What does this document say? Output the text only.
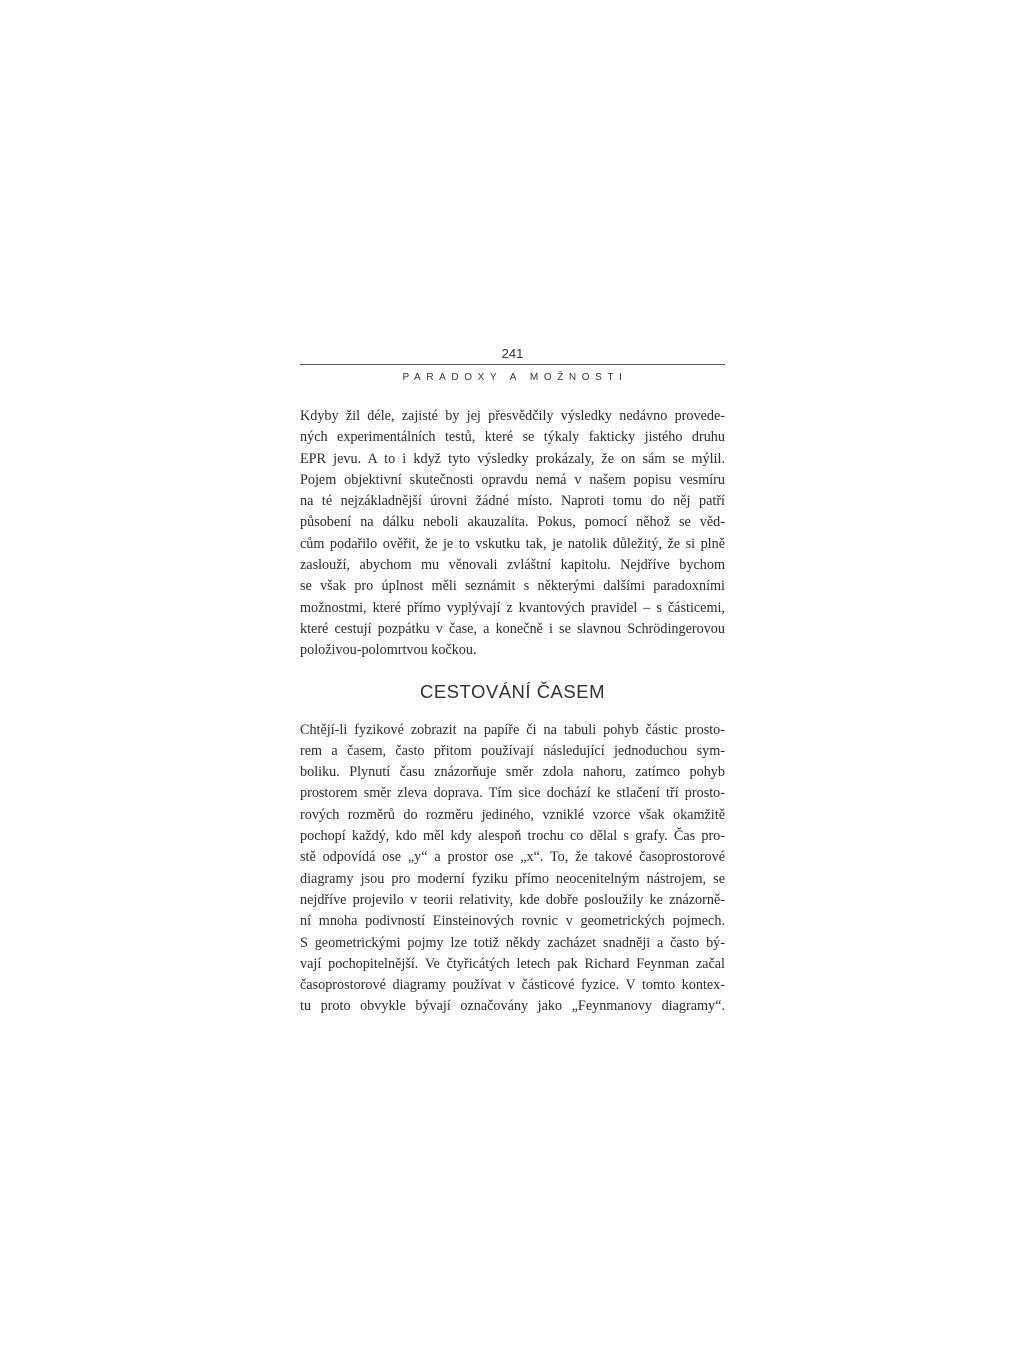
241
PARADOXY A MOŽNOSTI
Kdyby žil déle, zajisté by jej přesvědčily výsledky nedávno provede-
ných experimentálních testů, které se týkaly fakticky jistého druhu
EPR jevu. A to i když tyto výsledky prokázaly, že on sám se mýlil.
Pojem objektivní skutečnosti opravdu nemá v našem popisu vesmíru
na té nejzákladnější úrovni žádné místo. Naproti tomu do něj patří
působení na dálku neboli akauzalita. Pokus, pomocí něhož se věd-
cům podařilo ověřit, že je to vskutku tak, je natolik důležitý, že si plně
zaslouží, abychom mu věnovali zvláštní kapitolu. Nejdříve bychom
se však pro úplnost měli seznámit s některými dalšími paradoxními
možnostmi, které přímo vyplývají z kvantových pravidel – s částicemi,
které cestují pozpátku v čase, a konečně i se slavnou Schrödingerovou
položivou-polomrtvou kočkou.
CESTOVÁNÍ ČASEM
Chtějí-li fyzikové zobrazit na papíře či na tabuli pohyb částic prosto-
rem a časem, často přitom používají následující jednoduchou sym-
boliku. Plynutí času znázorňuje směr zdola nahoru, zatímco pohyb
prostorem směr zleva doprava. Tím sice dochází ke stlačení tří prosto-
rových rozměrů do rozměru jediného, vzniklé vzorce však okamžitě
pochopí každý, kdo měl kdy alespoň trochu co dělal s grafy. Čas pro-
stě odpovídá ose „y“ a prostor ose „x“. To, že takové časoprostorové
diagramy jsou pro moderní fyziku přímo neocenitelným nástrojem, se
nejdříve projevilo v teorii relativity, kde dobře posloužily ke znázorně-
ní mnoha podivností Einsteinových rovnic v geometrických pojmech.
S geometrickými pojmy lze totiž někdy zacházet snadněji a často bý-
vají pochopitelnější. Ve čtyřicátých letech pak Richard Feynman začal
časoprostorové diagramy používat v částicové fyzice. V tomto kontex-
tu proto obvykle bývají označovány jako „Feynmanovy diagramy“.
